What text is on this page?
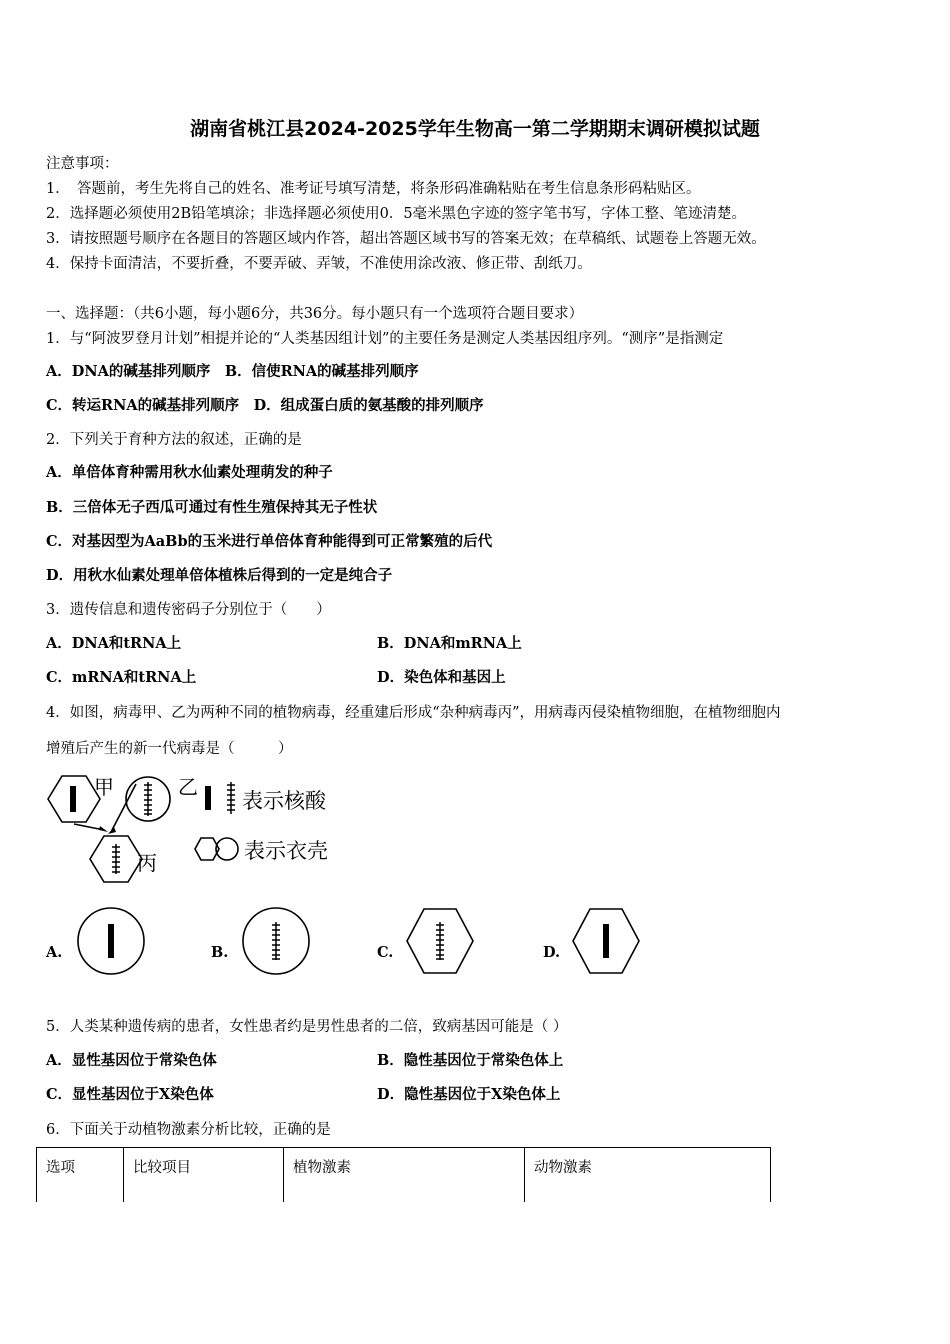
湖南省桃江县2024-2025学年生物高一第二学期期末调研模拟试题
注意事项：
1．　答题前，考生先将自己的姓名、准考证号填写清楚，将条形码准确粘贴在考生信息条形码粘贴区。
2．选择题必须使用2B铅笔填涂；非选择题必须使用0．5毫米黑色字迹的签字笔书写，字体工整、笔迹清楚。
3．请按照题号顺序在各题目的答题区域内作答，超出答题区域书写的答案无效；在草稿纸、试题卷上答题无效。
4．保持卡面清洁，不要折叠，不要弄破、弄皱，不准使用涂改液、修正带、刮纸刀。
一、选择题：（共6小题，每小题6分，共36分。每小题只有一个选项符合题目要求）
1．与“阿波罗登月计划”相提并论的“人类基因组计划”的主要任务是测定人类基因组序列。“测序”是指测定
A．DNA的碱基排列顺序　B．信使RNA的碱基排列顺序
C．转运RNA的碱基排列顺序　D．组成蛋白质的氨基酸的排列顺序
2．下列关于育种方法的叙述，正确的是
A．单倍体育种需用秋水仙素处理萌发的种子
B．三倍体无子西瓜可通过有性生殖保持其无子性状
C．对基因型为AaBb的玉米进行单倍体育种能得到可正常繁殖的后代
D．用秋水仙素处理单倍体植株后得到的一定是纯合子
3．遗传信息和遗传密码子分别位于（　　）
A．DNA和tRNA上	B．DNA和mRNA上
C．mRNA和tRNA上	D．染色体和基因上
4．如图，病毒甲、乙为两种不同的植物病毒，经重建后形成“杂种病毒丙”，用病毒丙侵染植物细胞，在植物细胞内
增殖后产生的新一代病毒是（　　　）
甲	乙
丙
表示核酸
表示衣壳
A.	B.	C.	D.
5．人类某种遗传病的患者，女性患者约是男性患者的二倍，致病基因可能是（ ）
A．显性基因位于常染色体	B．隐性基因位于常染色体上
C．显性基因位于X染色体	D．隐性基因位于X染色体上
6．下面关于动植物激素分析比较，正确的是
选项	比较项目	植物激素	动物激素
